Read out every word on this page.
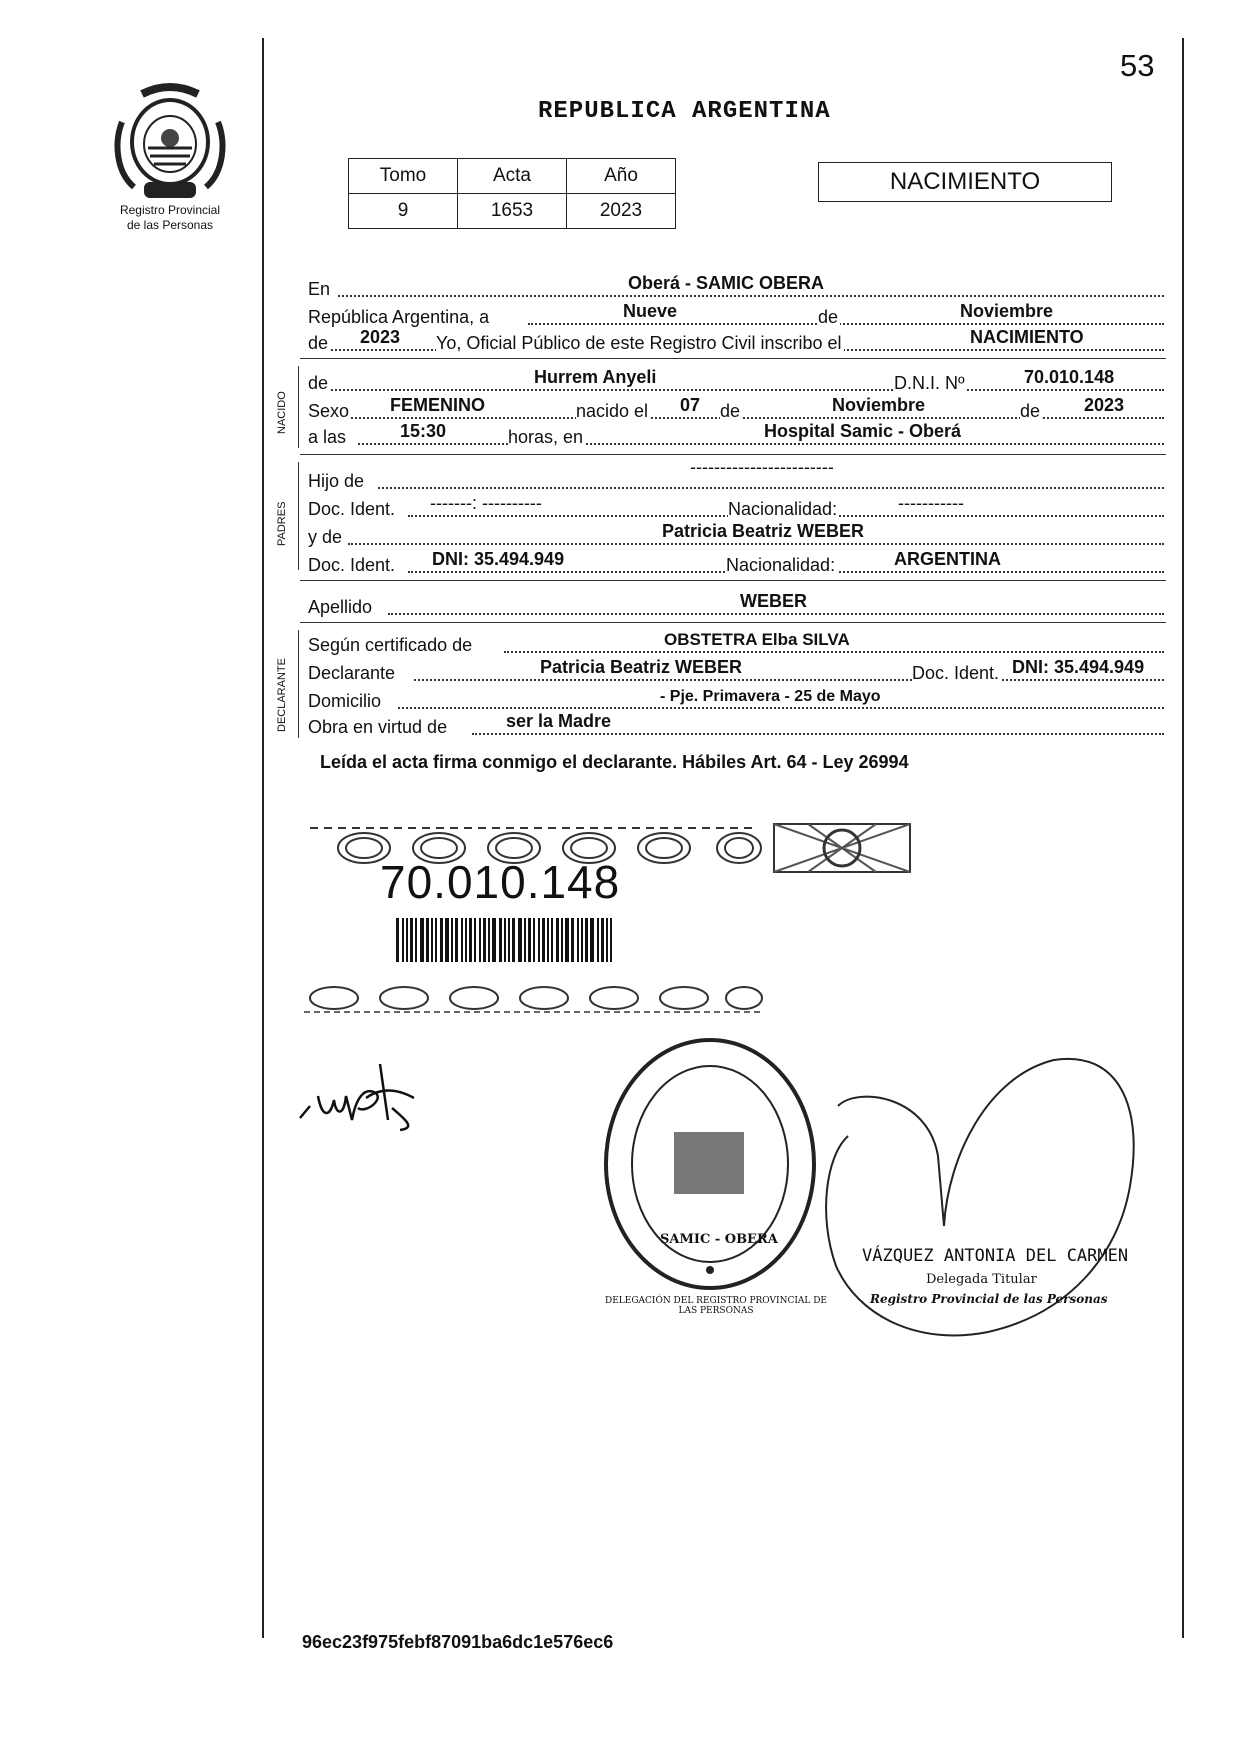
53
Registro Provincial
de las Personas
REPUBLICA ARGENTINA
Tomo	Acta	Año
9	1653	2023
NACIMIENTO
En	Oberá - SAMIC OBERA
República Argentina, a	Nueve	de	Noviembre
de 2023 Yo, Oficial Público de este Registro Civil inscribo el	NACIMIENTO
NACIDO
de	Hurrem Anyeli	D.N.I. Nº	70.010.148
Sexo FEMENINO	nacido el 07 de	Noviembre	de 2023
a las	15:30	horas, en	Hospital Samic - Oberá
PADRES
Hijo de
------------------------
Doc. Ident. -------: ----------	Nacionalidad:	-----------
y de	Patricia Beatriz WEBER
Doc. Ident. DNI: 35.494.949	Nacionalidad:	ARGENTINA
Apellido	WEBER
DECLARANTE
Según certificado de	OBSTETRA Elba SILVA
Declarante	Patricia Beatriz WEBER	Doc. Ident. DNI: 35.494.949
Domicilio	- Pje. Primavera - 25 de Mayo
Obra en virtud de	ser la Madre
Leída el acta firma conmigo el declarante. Hábiles Art. 64 - Ley 26994
70.010.148
DELEGACIÓN DEL REGISTRO PROVINCIAL DE LAS PERSONAS
SAMIC - OBERA
VÁZQUEZ ANTONIA DEL CARMEN
Delegada Titular
Registro Provincial de las Personas
96ec23f975febf87091ba6dc1e576ec6
